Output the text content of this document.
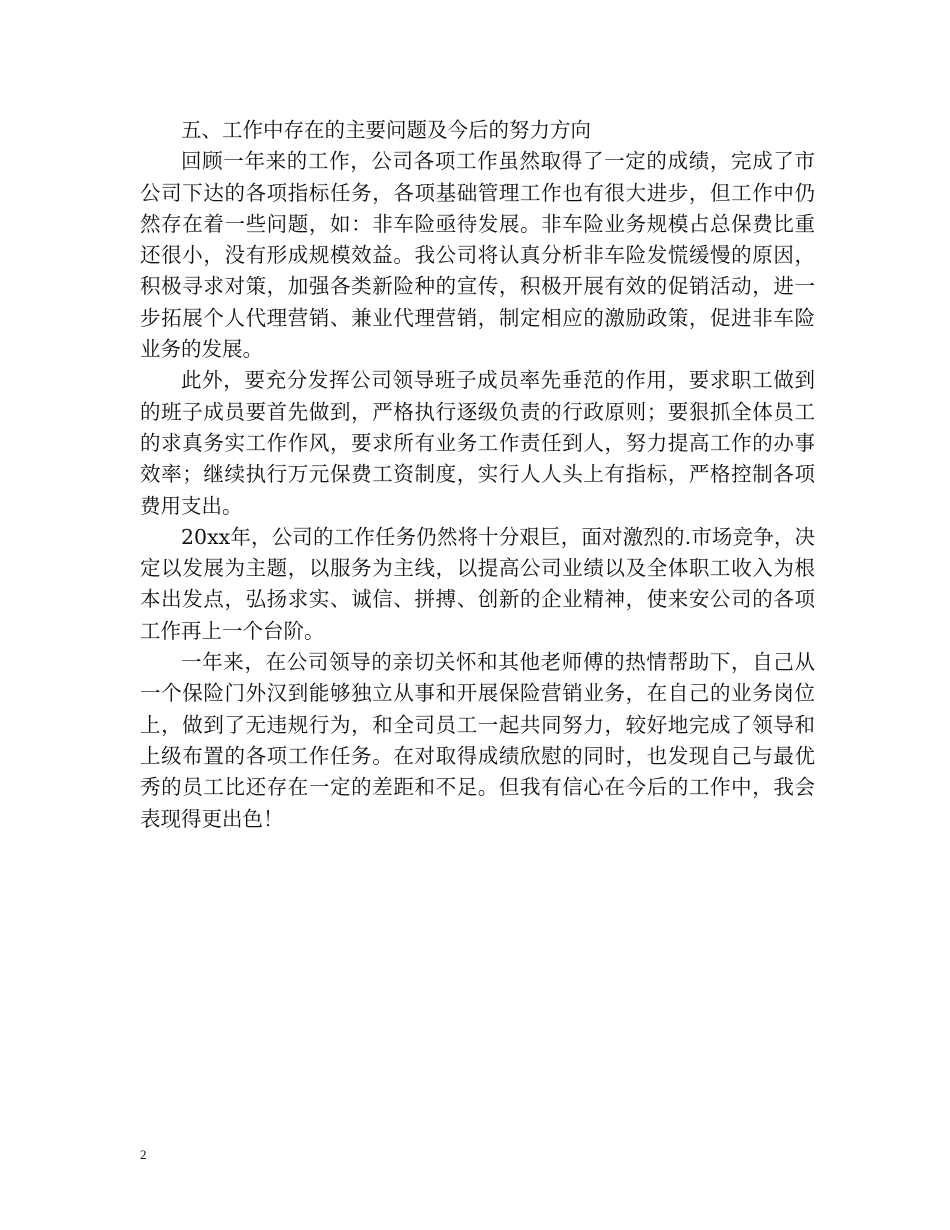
五、工作中存在的主要问题及今后的努力方向

回顾一年来的工作，公司各项工作虽然取得了一定的成绩，完成了市公司下达的各项指标任务，各项基础管理工作也有很大进步，但工作中仍然存在着一些问题，如：非车险亟待发展。非车险业务规模占总保费比重还很小，没有形成规模效益。我公司将认真分析非车险发慌缓慢的原因，积极寻求对策，加强各类新险种的宣传，积极开展有效的促销活动，进一步拓展个人代理营销、兼业代理营销，制定相应的激励政策，促进非车险业务的发展。

此外，要充分发挥公司领导班子成员率先垂范的作用，要求职工做到的班子成员要首先做到，严格执行逐级负责的行政原则；要狠抓全体员工的求真务实工作作风，要求所有业务工作责任到人，努力提高工作的办事效率；继续执行万元保费工资制度，实行人人头上有指标，严格控制各项费用支出。

20xx年，公司的工作任务仍然将十分艰巨，面对激烈的.市场竞争，决定以发展为主题，以服务为主线，以提高公司业绩以及全体职工收入为根本出发点，弘扬求实、诚信、拼搏、创新的企业精神，使来安公司的各项工作再上一个台阶。

一年来，在公司领导的亲切关怀和其他老师傅的热情帮助下，自己从一个保险门外汉到能够独立从事和开展保险营销业务，在自己的业务岗位上，做到了无违规行为，和全司员工一起共同努力，较好地完成了领导和上级布置的各项工作任务。在对取得成绩欣慰的同时，也发现自己与最优秀的员工比还存在一定的差距和不足。但我有信心在今后的工作中，我会表现得更出色！

2
